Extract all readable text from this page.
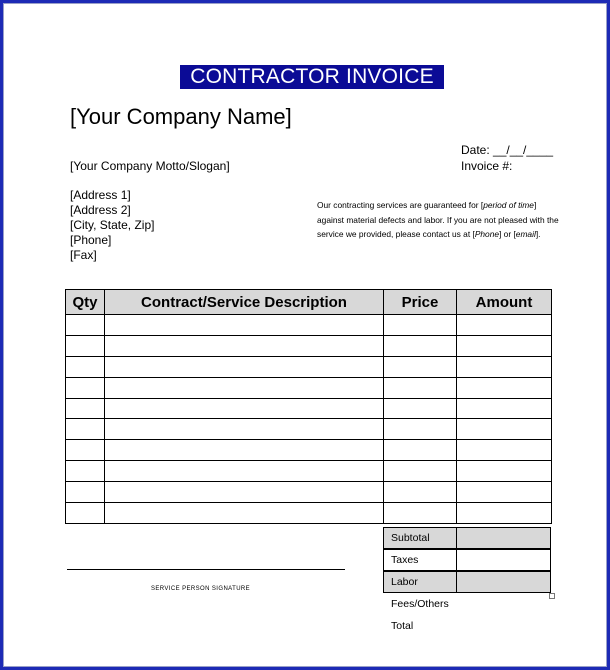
CONTRACTOR INVOICE
[Your Company Name]
Date: __/__/____
Invoice #:
[Your Company Motto/Slogan]
[Address 1]
[Address 2]
[City, State, Zip]
[Phone]
[Fax]
Our contracting services are guaranteed for [period of time] against material defects and labor. If you are not pleased with the service we provided, please contact us at [Phone] or [email].
Qty	Contract/Service Description	Price	Amount

SERVICE PERSON SIGNATURE
Subtotal
Taxes
Labor
Fees/Others
Total
